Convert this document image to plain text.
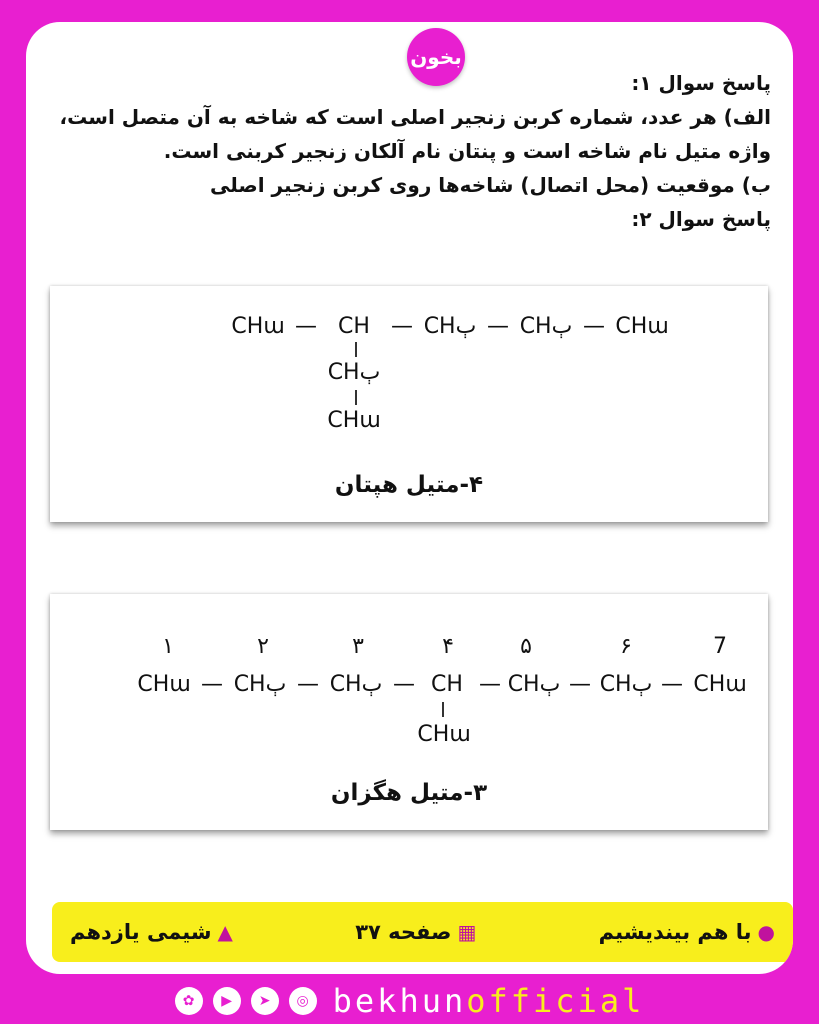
بخون
پاسخ سوال ۱:
الف) هر عدد، شماره کربن زنجیر اصلی است که شاخه به آن متصل است،
واژه متیل نام شاخه است و پنتان نام آلکان زنجیر کربنی است.
ب) موقعیت (محل اتصال) شاخه‌ها روی کربن زنجیر اصلی
پاسخ سوال ۲:
CHɯ — CH — CHٻ — CHٻ — CHɯ
CHٻ
CHɯ
۴-متیل هپتان
۱	۲	۳	۴	۵	۶	7
CHɯ — CHٻ — CHٻ — CH — CHٻ — CHٻ — CHɯ
CHɯ
۳-متیل هگزان
●
با هم بیندیشیم
▦
صفحه ۳۷
▲
شیمی یازدهم
✿	▶	➤	◎ bekhunofficial
